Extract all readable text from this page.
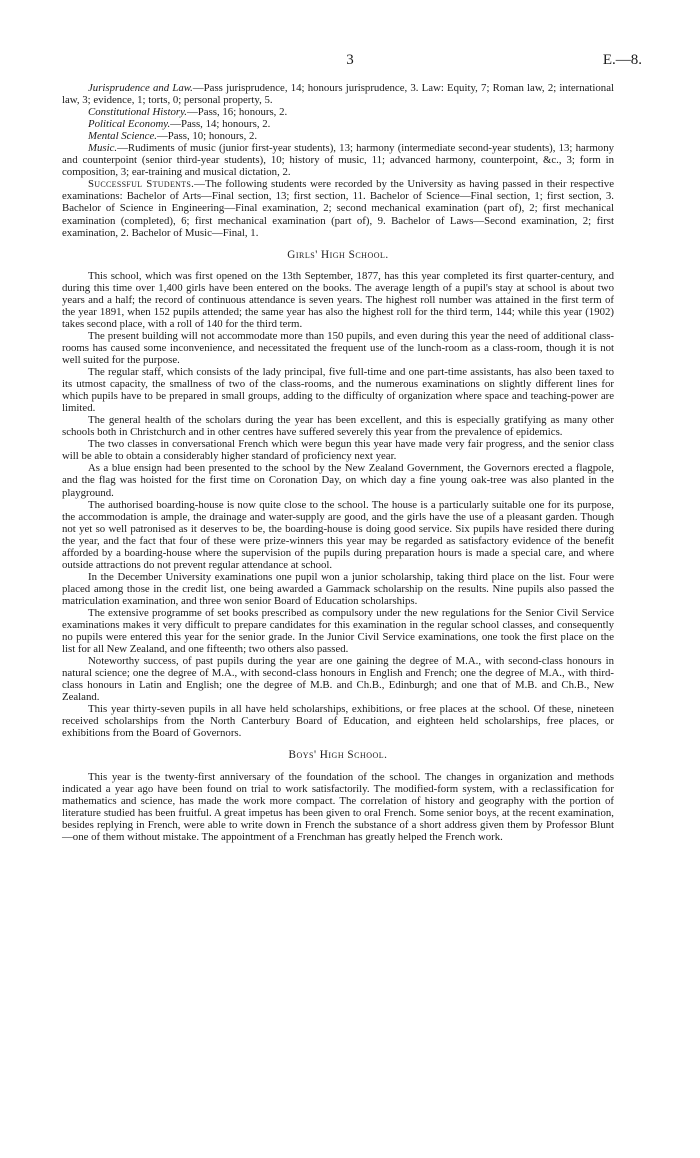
3	E.—8.

Jurisprudence and Law.—Pass jurisprudence, 14; honours jurisprudence, 3. Law: Equity, 7; Roman law, 2; international law, 3; evidence, 1; torts, 0; personal property, 5.

Constitutional History.—Pass, 16; honours, 2.

Political Economy.—Pass, 14; honours, 2.

Mental Science.—Pass, 10; honours, 2.

Music.—Rudiments of music (junior first-year students), 13; harmony (intermediate second-year students), 13; harmony and counterpoint (senior third-year students), 10; history of music, 11; advanced harmony, counterpoint, &c., 3; form in composition, 3; ear-training and musical dictation, 2.

Successful Students.—The following students were recorded by the University as having passed in their respective examinations: Bachelor of Arts—Final section, 13; first section, 11. Bachelor of Science—Final section, 1; first section, 3. Bachelor of Science in Engineering—Final examination, 2; second mechanical examination (part of), 2; first mechanical examination (completed), 6; first mechanical examination (part of), 9. Bachelor of Laws—Second examination, 2; first examination, 2. Bachelor of Music—Final, 1.

Girls' High School.

This school, which was first opened on the 13th September, 1877, has this year completed its first quarter-century, and during this time over 1,400 girls have been entered on the books. The average length of a pupil's stay at school is about two years and a half; the record of continuous attendance is seven years. The highest roll number was attained in the first term of the year 1891, when 152 pupils attended; the same year has also the highest roll for the third term, 144; while this year (1902) takes second place, with a roll of 140 for the third term.

The present building will not accommodate more than 150 pupils, and even during this year the need of additional class-rooms has caused some inconvenience, and necessitated the frequent use of the lunch-room as a class-room, though it is not well suited for the purpose.

The regular staff, which consists of the lady principal, five full-time and one part-time assistants, has also been taxed to its utmost capacity, the smallness of two of the class-rooms, and the numerous examinations on slightly different lines for which pupils have to be prepared in small groups, adding to the difficulty of organization where space and teaching-power are limited.

The general health of the scholars during the year has been excellent, and this is especially gratifying as many other schools both in Christchurch and in other centres have suffered severely this year from the prevalence of epidemics.

The two classes in conversational French which were begun this year have made very fair progress, and the senior class will be able to obtain a considerably higher standard of proficiency next year.

As a blue ensign had been presented to the school by the New Zealand Government, the Governors erected a flagpole, and the flag was hoisted for the first time on Coronation Day, on which day a fine young oak-tree was also planted in the playground.

The authorised boarding-house is now quite close to the school. The house is a particularly suitable one for its purpose, the accommodation is ample, the drainage and water-supply are good, and the girls have the use of a pleasant garden. Though not yet so well patronised as it deserves to be, the boarding-house is doing good service. Six pupils have resided there during the year, and the fact that four of these were prize-winners this year may be regarded as satisfactory evidence of the benefit afforded by a boarding-house where the supervision of the pupils during preparation hours is made a special care, and where outside attractions do not prevent regular attendance at school.

In the December University examinations one pupil won a junior scholarship, taking third place on the list. Four were placed among those in the credit list, one being awarded a Gammack scholarship on the results. Nine pupils also passed the matriculation examination, and three won senior Board of Education scholarships.

The extensive programme of set books prescribed as compulsory under the new regulations for the Senior Civil Service examinations makes it very difficult to prepare candidates for this examination in the regular school classes, and consequently no pupils were entered this year for the senior grade. In the Junior Civil Service examinations, one took the first place on the list for all New Zealand, and one fifteenth; two others also passed.

Noteworthy success, of past pupils during the year are one gaining the degree of M.A., with second-class honours in natural science; one the degree of M.A., with second-class honours in English and French; one the degree of M.A., with third-class honours in Latin and English; one the degree of M.B. and Ch.B., Edinburgh; and one that of M.B. and Ch.B., New Zealand.

This year thirty-seven pupils in all have held scholarships, exhibitions, or free places at the school. Of these, nineteen received scholarships from the North Canterbury Board of Education, and eighteen held scholarships, free places, or exhibitions from the Board of Governors.

Boys' High School.

This year is the twenty-first anniversary of the foundation of the school. The changes in organization and methods indicated a year ago have been found on trial to work satisfactorily. The modified-form system, with a reclassification for mathematics and science, has made the work more compact. The correlation of history and geography with the portion of literature studied has been fruitful. A great impetus has been given to oral French. Some senior boys, at the recent examination, besides replying in French, were able to write down in French the substance of a short address given them by Professor Blunt—one of them without mistake. The appointment of a Frenchman has greatly helped the French work.
